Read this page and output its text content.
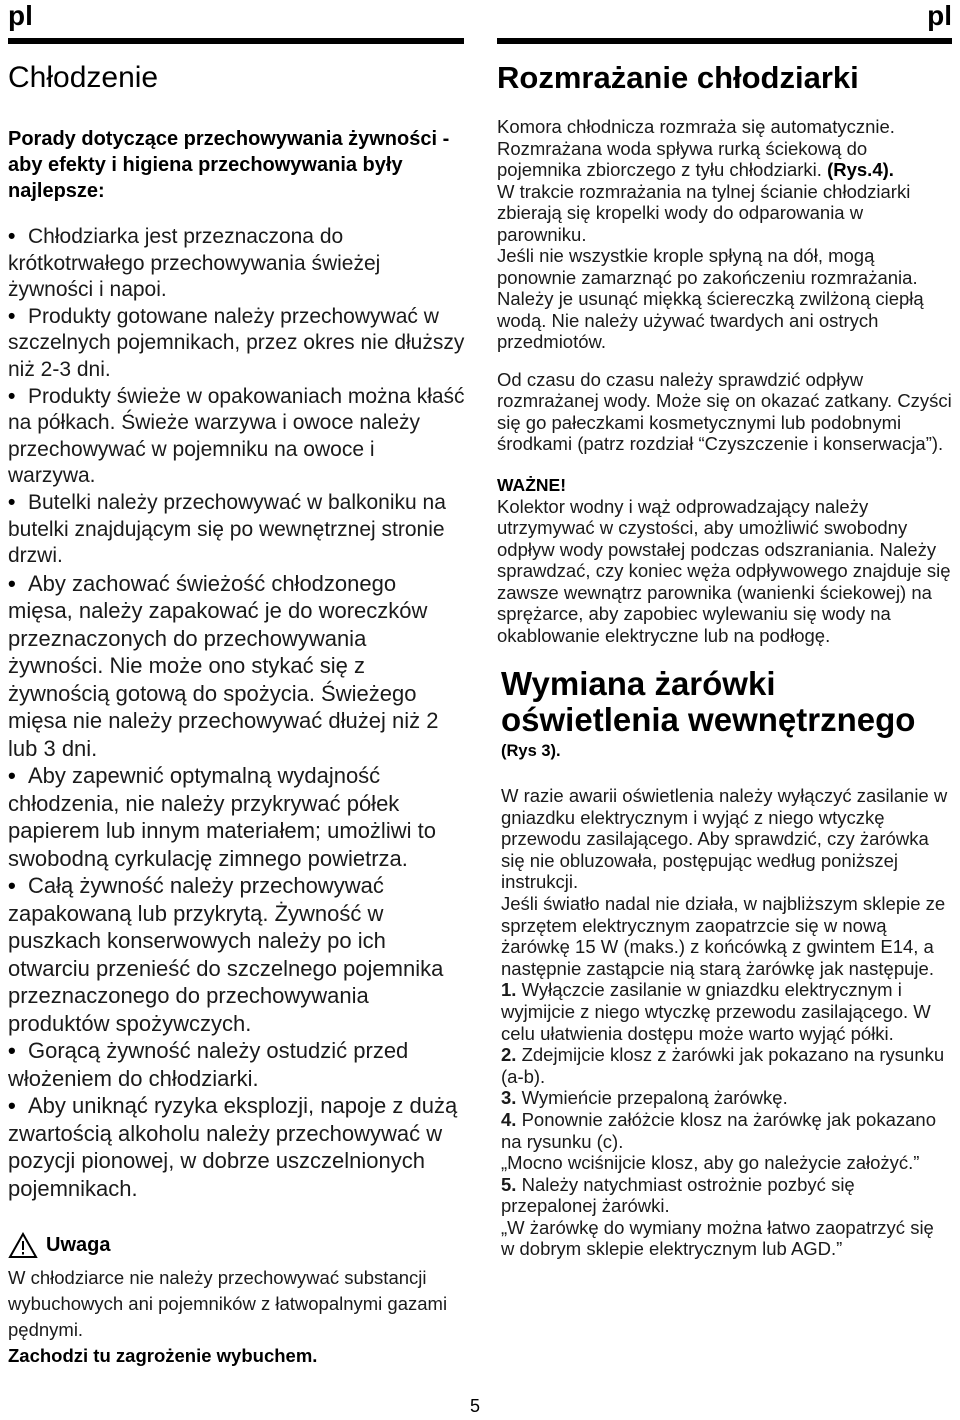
pl	pl
Chłodzenie
Porady dotyczące przechowywania żywności - aby efekty i higiena przechowywania były najlepsze:
• Chłodziarka jest przeznaczona do krótkotrwałego przechowywania świeżej żywności i napoi.
• Produkty gotowane należy przechowywać w szczelnych pojemnikach, przez okres nie dłuższy niż 2-3 dni.
• Produkty świeże w opakowaniach można kłaść na półkach. Świeże warzywa i owoce należy przechowywać w pojemniku na owoce i warzywa.
• Butelki należy przechowywać w balkoniku na butelki znajdującym się po wewnętrznej stronie drzwi.
• Aby zachować świeżość chłodzonego mięsa, należy zapakować je do woreczków przeznaczonych do przechowywania żywności. Nie może ono stykać się z żywnością gotową do spożycia. Świeżego mięsa nie należy przechowywać dłużej niż 2 lub 3 dni.
• Aby zapewnić optymalną wydajność chłodzenia, nie należy przykrywać półek papierem lub innym materiałem; umożliwi to swobodną cyrkulację zimnego powietrza.
• Całą żywność należy przechowywać zapakowaną lub przykrytą. Żywność w puszkach konserwowych należy po ich otwarciu przenieść do szczelnego pojemnika przeznaczonego do przechowywania produktów spożywczych.
• Gorącą żywność należy ostudzić przed włożeniem do chłodziarki.
• Aby uniknąć ryzyka eksplozji, napoje z dużą zwartością alkoholu należy przechowywać w pozycji pionowej, w dobrze uszczelnionych pojemnikach.
Uwaga
W chłodziarce nie należy przechowywać substancji wybuchowych ani pojemników z łatwopalnymi gazami pędnymi.
Zachodzi tu zagrożenie wybuchem.
Rozmrażanie chłodziarki

Komora chłodnicza rozmraża się automatycznie. Rozmrażana woda spływa rurką ściekową do pojemnika zbiorczego z tyłu chłodziarki. (Rys.4).

W trakcie rozmrażania na tylnej ścianie chłodziarki zbierają się kropelki wody do odparowania w parowniku.

Jeśli nie wszystkie krople spłyną na dół, mogą ponownie zamarznąć po zakończeniu rozmrażania. Należy je usunąć miękką ściereczką zwilżoną ciepłą wodą. Nie należy używać twardych ani ostrych przedmiotów.

Od czasu do czasu należy sprawdzić odpływ rozmrażanej wody. Może się on okazać zatkany. Czyści się go pałeczkami kosmetycznymi lub podobnymi środkami (patrz rozdział “Czyszczenie i konserwacja”).

WAŻNE!

Kolektor wodny i wąż odprowadzający należy utrzymywać w czystości, aby umożliwić swobodny odpływ wody powstałej podczas odszraniania. Należy sprawdzać, czy koniec węża odpływowego znajduje się zawsze wewnątrz parownika (wanienki ściekowej) na sprężarce, aby zapobiec wylewaniu się wody na okablowanie elektryczne lub na podłogę.

Wymiana żarówki oświetlenia wewnętrznego
(Rys 3).

W razie awarii oświetlenia należy wyłączyć zasilanie w gniazdku elektrycznym i wyjąć z niego wtyczkę przewodu zasilającego. Aby sprawdzić, czy żarówka się nie obluzowała, postępując według poniższej instrukcji.

Jeśli światło nadal nie działa, w najbliższym sklepie ze sprzętem elektrycznym zaopatrzcie się w nową żarówkę 15 W (maks.) z końcówką z gwintem E14, a następnie zastąpcie nią starą żarówkę jak następuje.

1. Wyłączcie zasilanie w gniazdku elektrycznym i wyjmijcie z niego wtyczkę przewodu zasilającego. W celu ułatwienia dostępu może warto wyjąć półki.

2. Zdejmijcie klosz z żarówki jak pokazano na rysunku (a-b).

3. Wymieńcie przepaloną żarówkę.

4. Ponownie załóżcie klosz na żarówkę jak pokazano na rysunku (c).

„Mocno wciśnijcie klosz, aby go należycie założyć.”

5. Należy natychmiast ostrożnie pozbyć się przepalonej żarówki.

„W żarówkę do wymiany można łatwo zaopatrzyć się w dobrym sklepie elektrycznym lub AGD.”

5
